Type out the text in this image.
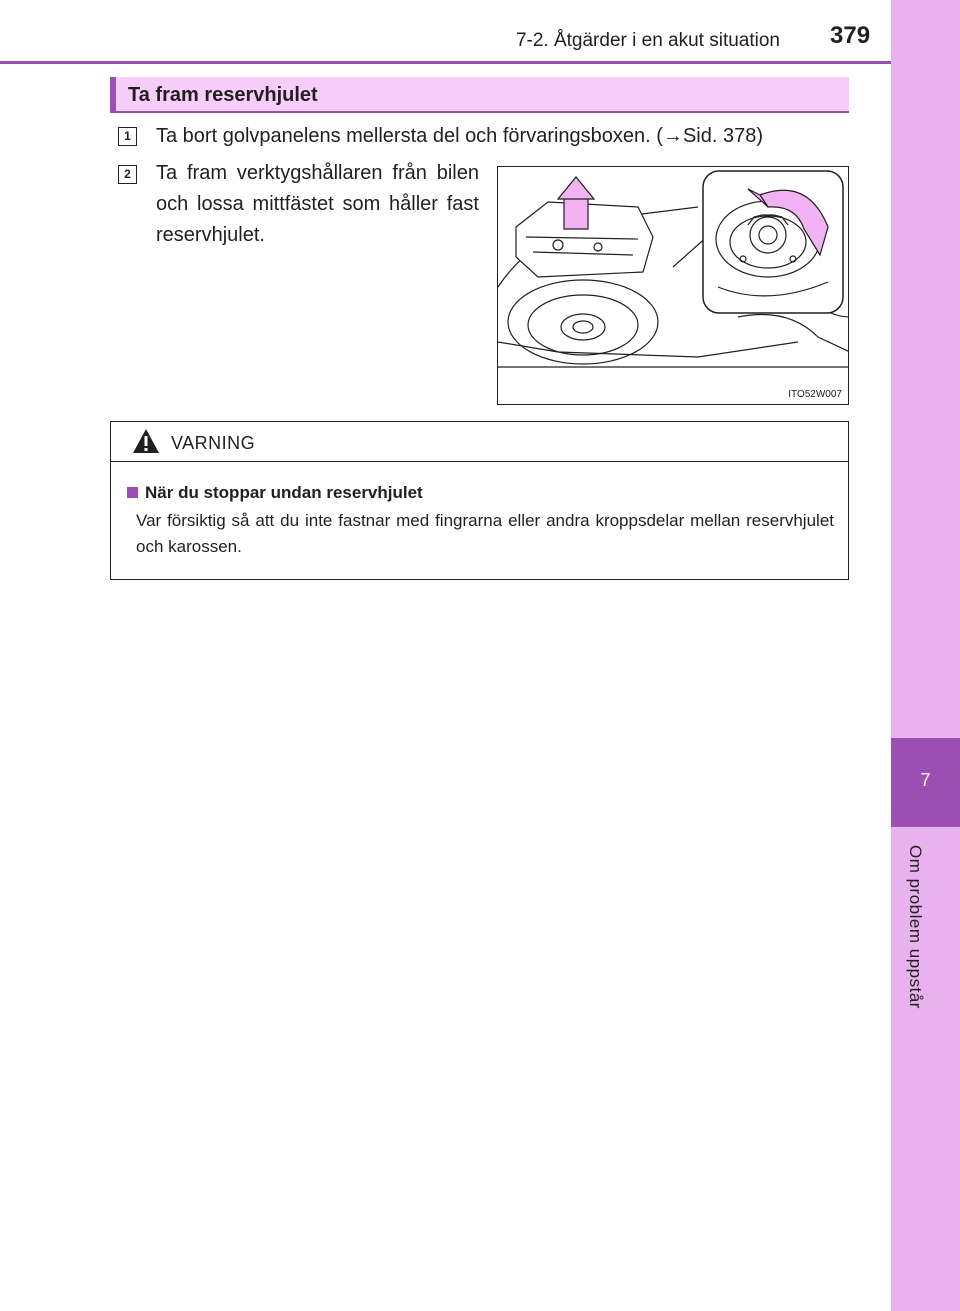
7
Om problem uppstår
7-2. Åtgärder i en akut situation 379
Ta fram reservhjulet
1	Ta bort golvpanelens mellersta del och förvaringsboxen. (→Sid. 378)
2	Ta fram verktygshållaren från bilen och lossa mittfästet som håller fast reservhjulet.
ITO52W007
VARNING
När du stoppar undan reservhjulet
Var försiktig så att du inte fastnar med fingrarna eller andra kroppsdelar mellan reservhjulet och karossen.
